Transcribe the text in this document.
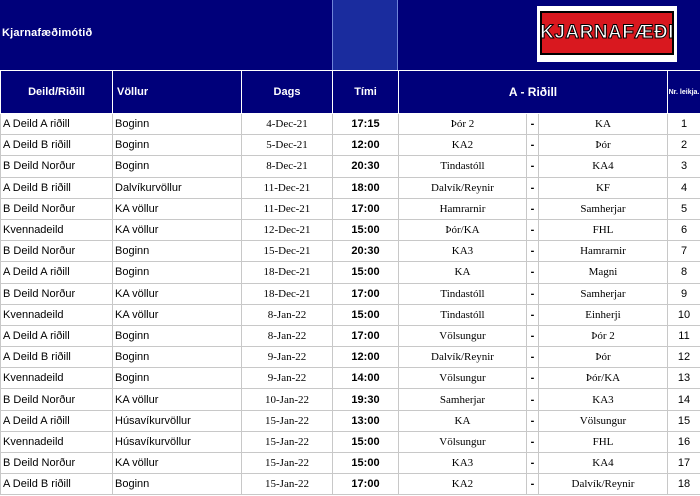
Kjarnafæðimótið	KJARNAFÆÐI
Deild/Riðill	Völlur	Dags	Tími	A - Riðill			Nr. leikja.
A Deild A riðill	Boginn	4-Dec-21	17:15	Þór 2	-	KA	1
A Deild B riðill	Boginn	5-Dec-21	12:00	KA2	-	Þór	2
B Deild Norður	Boginn	8-Dec-21	20:30	Tindastóll	-	KA4	3
A Deild B riðill	Dalvíkurvöllur	11-Dec-21	18:00	Dalvík/Reynir	-	KF	4
B Deild Norður	KA völlur	11-Dec-21	17:00	Hamrarnir	-	Samherjar	5
Kvennadeild	KA völlur	12-Dec-21	15:00	Þór/KA	-	FHL	6
B Deild Norður	Boginn	15-Dec-21	20:30	KA3	-	Hamrarnir	7
A Deild A riðill	Boginn	18-Dec-21	15:00	KA	-	Magni	8
B Deild Norður	KA völlur	18-Dec-21	17:00	Tindastóll	-	Samherjar	9
Kvennadeild	KA völlur	8-Jan-22	15:00	Tindastóll	-	Einherji	10
A Deild A riðill	Boginn	8-Jan-22	17:00	Völsungur	-	Þór 2	11
A Deild B riðill	Boginn	9-Jan-22	12:00	Dalvík/Reynir	-	Þór	12
Kvennadeild	Boginn	9-Jan-22	14:00	Völsungur	-	Þór/KA	13
B Deild Norður	KA völlur	10-Jan-22	19:30	Samherjar	-	KA3	14
A Deild A riðill	Húsavíkurvöllur	15-Jan-22	13:00	KA	-	Völsungur	15
Kvennadeild	Húsavíkurvöllur	15-Jan-22	15:00	Völsungur	-	FHL	16
B Deild Norður	KA völlur	15-Jan-22	15:00	KA3	-	KA4	17
A Deild B riðill	Boginn	15-Jan-22	17:00	KA2	-	Dalvík/Reynir	18
